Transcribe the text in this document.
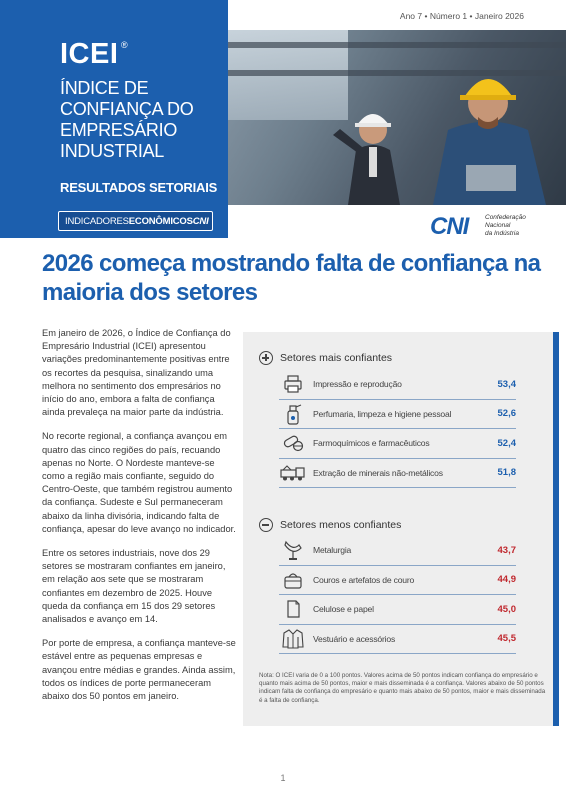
Ano 7 • Número 1 • Janeiro 2026
ICEI ®
ÍNDICE DE CONFIANÇA DO EMPRESÁRIO INDUSTRIAL
RESULTADOS SETORIAIS
INDICADORESECONÔMICOSCNI	CNI	Confederação
Nacional
da Indústria
2026 começa mostrando falta de confiança na maioria dos setores

Em janeiro de 2026, o Índice de Confiança do Empresário Industrial (ICEI) apresentou variações predominantemente positivas entre os recortes da pesquisa, sinalizando uma melhora no sentimento dos empresários no início do ano, embora a falta de confiança ainda prevaleça na maior parte da indústria.

No recorte regional, a confiança avançou em quatro das cinco regiões do país, recuando apenas no Norte. O Nordeste manteve-se como a região mais confiante, seguido do Centro-Oeste, que também registrou aumento da confiança. Sudeste e Sul permaneceram abaixo da linha divisória, indicando falta de confiança, apesar do leve avanço no indicador.

Entre os setores industriais, nove dos 29 setores se mostraram confiantes em janeiro, em relação aos sete que se mostraram confiantes em dezembro de 2025. Houve queda da confiança em 15 dos 29 setores analisados e avanço em 14.

Por porte de empresa, a confiança manteve-se estável entre as pequenas empresas e avançou entre médias e grandes. Ainda assim, todos os índices de porte permaneceram abaixo dos 50 pontos em janeiro.

Setores mais confiantes
Impressão e reprodução	53,4
Perfumaria, limpeza e higiene pessoal	52,6
Farmoquímicos e farmacêuticos	52,4
Extração de minerais não-metálicos	51,8
Setores menos confiantes
Metalurgia	43,7
Couros e artefatos de couro	44,9
Celulose e papel	45,0
Vestuário e acessórios	45,5
Nota: O ICEI varia de 0 a 100 pontos. Valores acima de 50 pontos indicam confiança do empresário e quanto mais acima de 50 pontos, maior e mais disseminada é a confiança. Valores abaixo de 50 pontos indicam falta de confiança do empresário e quanto mais abaixo de 50 pontos, maior e mais disseminada é a falta de confiança.
1
